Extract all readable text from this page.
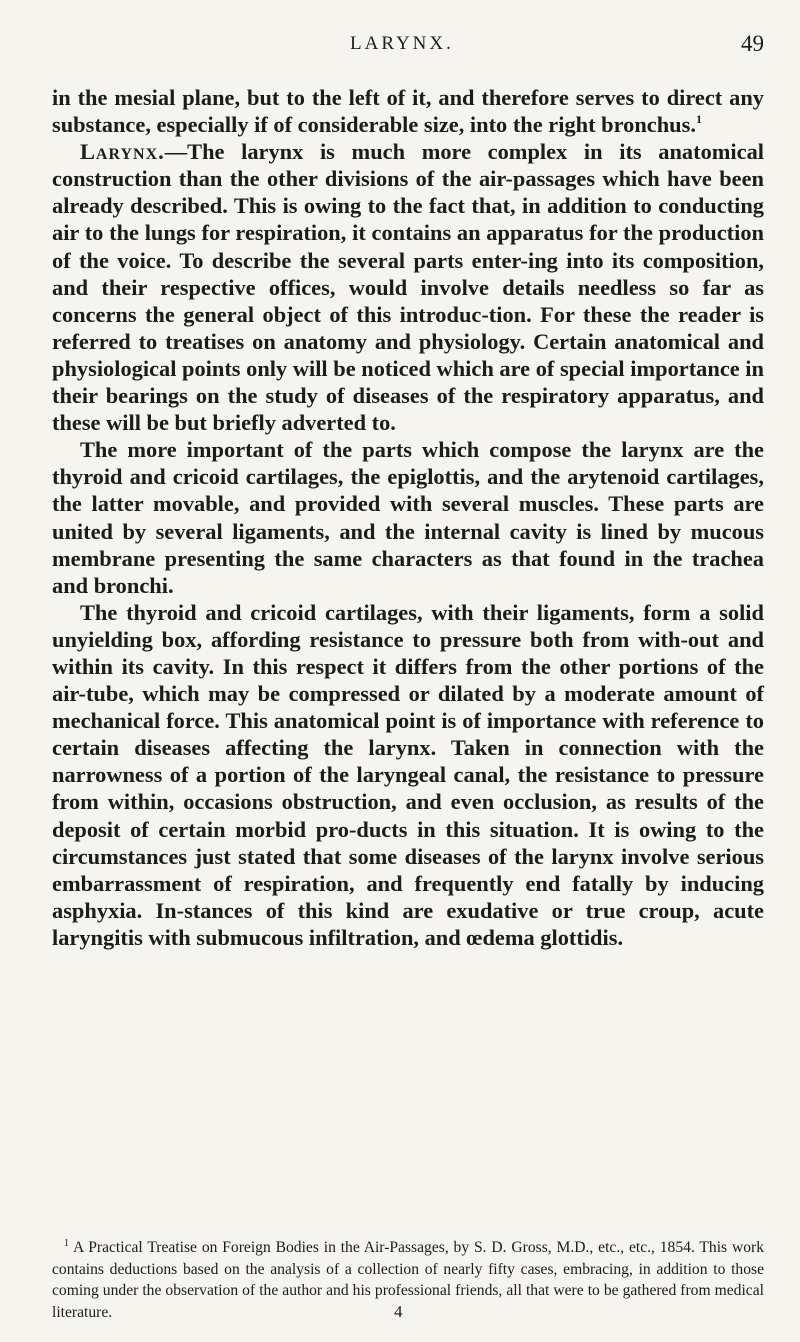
LARYNX.	49

in the mesial plane, but to the left of it, and therefore serves to direct any substance, especially if of considerable size, into the right bronchus.$^1$

Larynx.—The larynx is much more complex in its anatomical construction than the other divisions of the air-passages which have been already described. This is owing to the fact that, in addition to conducting air to the lungs for respiration, it contains an apparatus for the production of the voice. To describe the several parts enter-ing into its composition, and their respective offices, would involve details needless so far as concerns the general object of this introduc-tion. For these the reader is referred to treatises on anatomy and physiology. Certain anatomical and physiological points only will be noticed which are of special importance in their bearings on the study of diseases of the respiratory apparatus, and these will be but briefly adverted to.

The more important of the parts which compose the larynx are the thyroid and cricoid cartilages, the epiglottis, and the arytenoid cartilages, the latter movable, and provided with several muscles. These parts are united by several ligaments, and the internal cavity is lined by mucous membrane presenting the same characters as that found in the trachea and bronchi.

The thyroid and cricoid cartilages, with their ligaments, form a solid unyielding box, affording resistance to pressure both from with-out and within its cavity. In this respect it differs from the other portions of the air-tube, which may be compressed or dilated by a moderate amount of mechanical force. This anatomical point is of importance with reference to certain diseases affecting the larynx. Taken in connection with the narrowness of a portion of the laryngeal canal, the resistance to pressure from within, occasions obstruction, and even occlusion, as results of the deposit of certain morbid pro-ducts in this situation. It is owing to the circumstances just stated that some diseases of the larynx involve serious embarrassment of respiration, and frequently end fatally by inducing asphyxia. In-stances of this kind are exudative or true croup, acute laryngitis with submucous infiltration, and œdema glottidis.

$^1$ A Practical Treatise on Foreign Bodies in the Air-Passages, by S. D. Gross, M.D., etc., etc., 1854. This work contains deductions based on the analysis of a collection of nearly fifty cases, embracing, in addition to those coming under the observation of the author and his professional friends, all that were to be gathered from medical literature.	4
